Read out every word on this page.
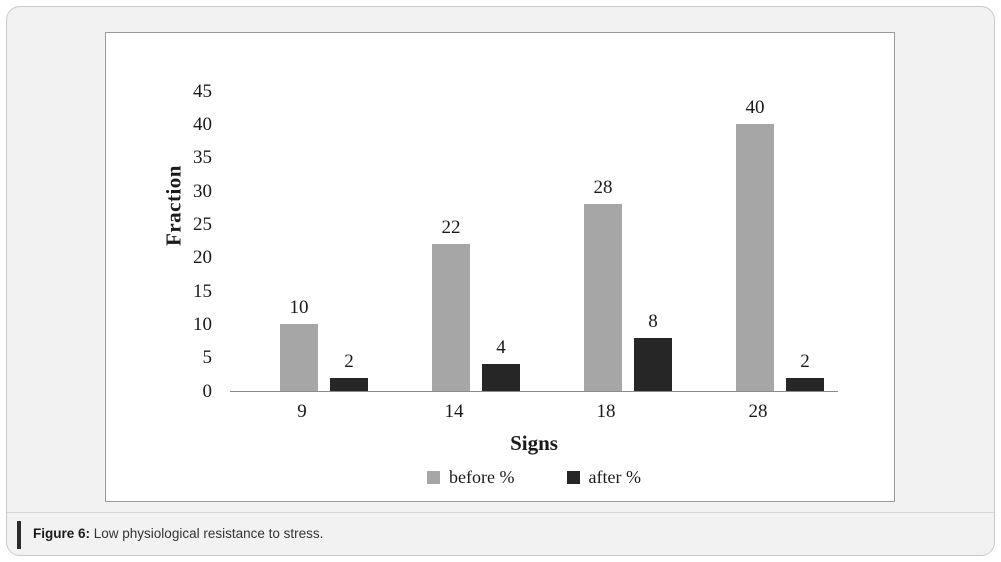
Fraction
45
40
35
30
25
20
15
10
5
0
10
2
22
4
28
8
40
2
9	14	18	28
Signs
before %	after %
Figure 6: Low physiological resistance to stress.
